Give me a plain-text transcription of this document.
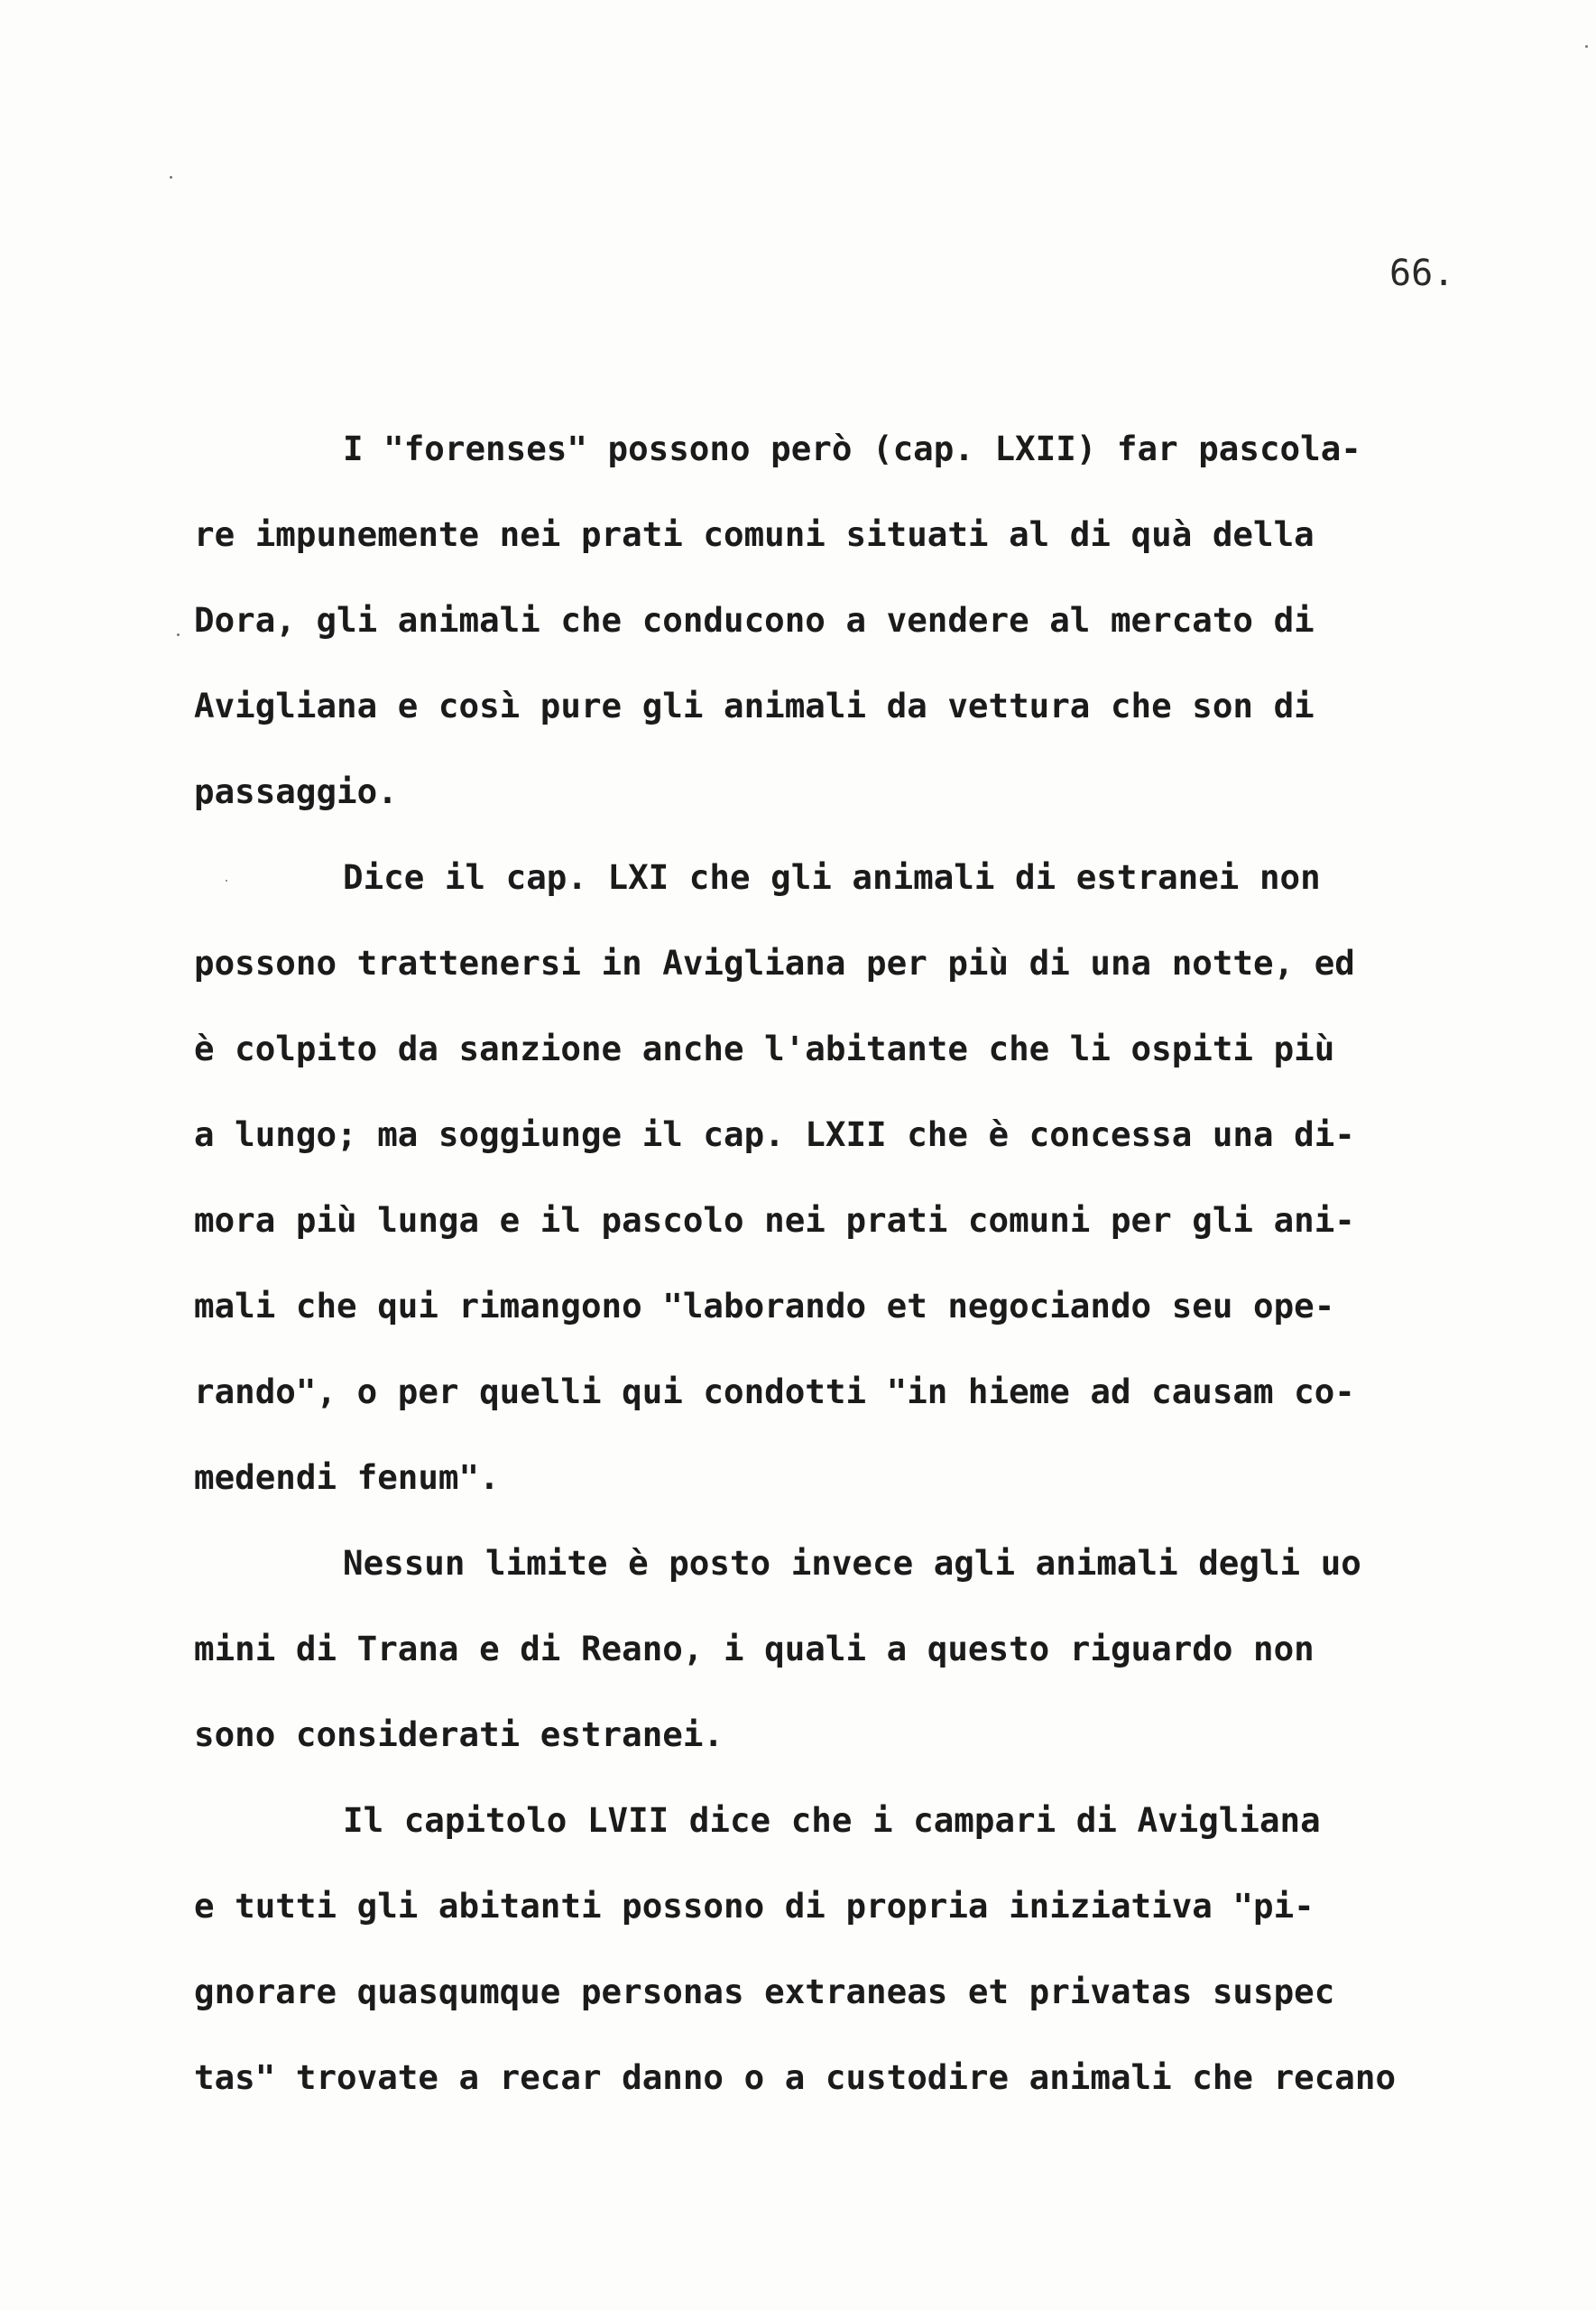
66.
I "forenses" possono però (cap. LXII) far pascola-
re impunemente nei prati comuni situati al di quà della
Dora, gli animali che conducono a vendere al mercato di
Avigliana e così pure gli animali da vettura che son di
passaggio.
Dice il cap. LXI che gli animali di estranei non
possono trattenersi in Avigliana per più di una notte, ed
è colpito da sanzione anche l'abitante che li ospiti più
a lungo; ma soggiunge il cap. LXII che è concessa una di-
mora più lunga e il pascolo nei prati comuni per gli ani-
mali che qui rimangono "laborando et negociando seu ope-
rando", o per quelli qui condotti "in hieme ad causam co-
medendi fenum".
Nessun limite è posto invece agli animali degli uo
mini di Trana e di Reano, i quali a questo riguardo non
sono considerati estranei.
Il capitolo LVII dice che i campari di Avigliana
e tutti gli abitanti possono di propria iniziativa "pi-
gnorare quasqumque personas extraneas et privatas suspec
tas" trovate a recar danno o a custodire animali che recano
